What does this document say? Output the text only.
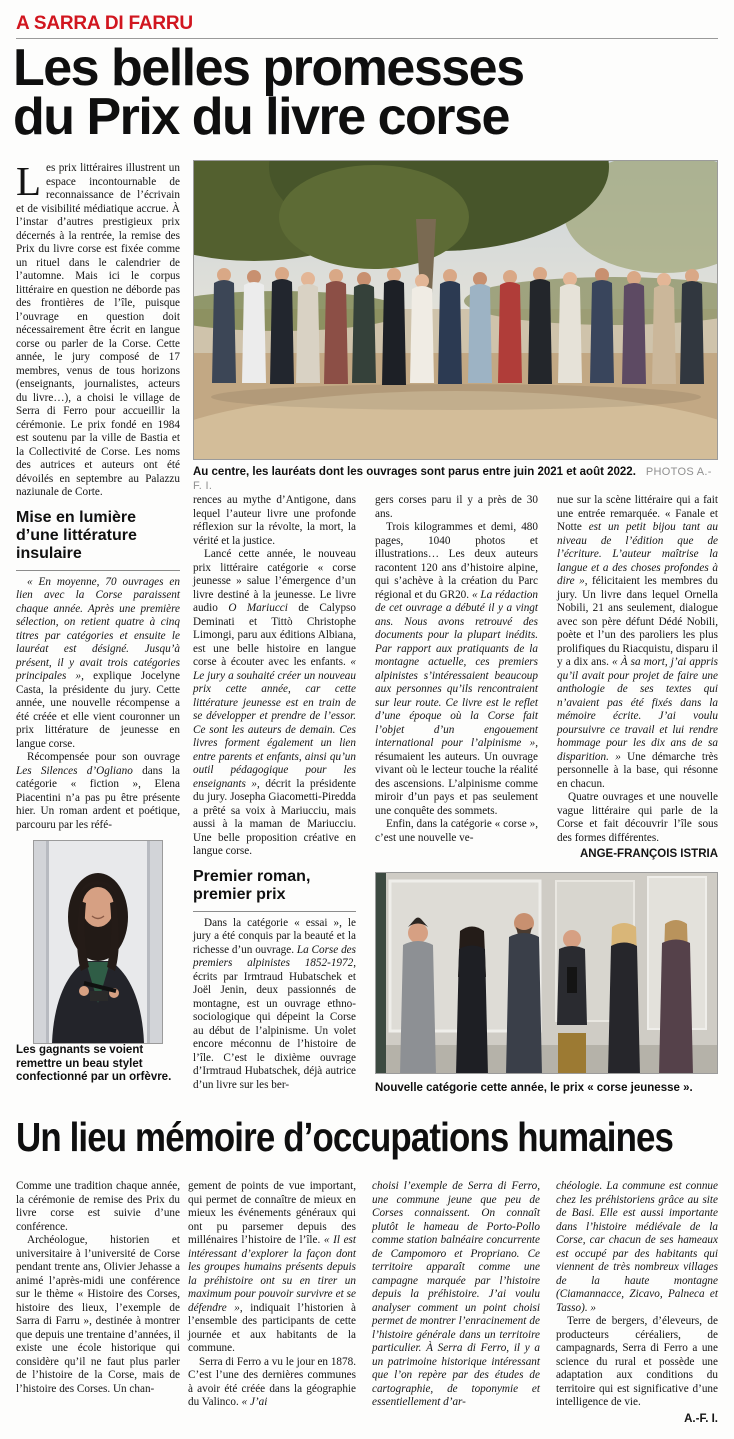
A SARRA DI FARRU
Les belles promesses
du Prix du livre corse
Au centre, les lauréats dont les ouvrages sont parus entre juin 2021 et août 2022. PHOTOS A.-F. I.

Les prix littéraires illustrent un espace incontournable de reconnaissance de l’écrivain et de visibilité médiatique accrue. À l’instar d’autres prestigieux prix décernés à la rentrée, la remise des Prix du livre corse est fixée comme un rituel dans le calendrier de l’automne. Mais ici le corpus littéraire en question ne déborde pas des frontières de l’île, puisque l’ouvrage en question doit nécessairement être écrit en langue corse ou parler de la Corse. Cette année, le jury composé de 17 membres, venus de tous horizons (enseignants, journalistes, acteurs du livre…), a choisi le village de Serra di Ferro pour accueillir la cérémonie. Le prix fondé en 1984 est soutenu par la ville de Bastia et la Collectivité de Corse. Les noms des autrices et auteurs ont été dévoilés en septembre au Palazzu naziunale de Corte.

Mise en lumière d’une littérature insulaire

« En moyenne, 70 ouvrages en lien avec la Corse paraissent chaque année. Après une première sélection, on retient quatre à cinq titres par catégories et ensuite le lauréat est désigné. Jusqu’à présent, il y avait trois catégories principales », explique Jocelyne Casta, la présidente du jury. Cette année, une nouvelle récompense a été créée et elle vient couronner un prix littérature de jeunesse en langue corse.

Récompensée pour son ouvrage Les Silences d’Ogliano dans la catégorie « fiction », Elena Piacentini n’a pas pu être présente hier. Un roman ardent et poétique, parcouru par les réfé-

Les gagnants se voient remettre un beau stylet confectionné par un orfèvre.

rences au mythe d’Antigone, dans lequel l’auteur livre une profonde réflexion sur la révolte, la mort, la vérité et la justice.

Lancé cette année, le nouveau prix littéraire catégorie « corse jeunesse » salue l’émergence d’un livre destiné à la jeunesse. Le livre audio O Mariucci de Calypso Deminati et Tittò Christophe Limongi, paru aux éditions Albiana, est une belle histoire en langue corse à écouter avec les enfants. « Le jury a souhaité créer un nouveau prix cette année, car cette littérature jeunesse est en train de se développer et prendre de l’essor. Ce sont les auteurs de demain. Ces livres forment également un lien entre parents et enfants, ainsi qu’un outil pédagogique pour les enseignants », décrit la présidente du jury. Josepha Giacometti-Piredda a prêté sa voix à Mariucciu, mais aussi à la maman de Mariucciu. Une belle proposition créative en langue corse.

Premier roman, premier prix

Dans la catégorie « essai », le jury a été conquis par la beauté et la richesse d’un ouvrage. La Corse des premiers alpinistes 1852-1972, écrits par Irmtraud Hubatschek et Joël Jenin, deux passionnés de montagne, est un ouvrage ethno-sociologique qui dépeint la Corse au début de l’alpinisme. Un volet encore méconnu de l’histoire de l’île. C’est le dixième ouvrage d’Irmtraud Hubatschek, déjà autrice d’un livre sur les ber-

gers corses paru il y a près de 30 ans.

Trois kilogrammes et demi, 480 pages, 1040 photos et illustrations… Les deux auteurs racontent 120 ans d’histoire alpine, qui s’achève à la création du Parc régional et du GR20. « La rédaction de cet ouvrage a débuté il y a vingt ans. Nous avons retrouvé des documents pour la plupart inédits. Par rapport aux pratiquants de la montagne actuelle, ces premiers alpinistes s’intéressaient beaucoup aux personnes qu’ils rencontraient sur leur route. Ce livre est le reflet d’une époque où la Corse fait l’objet d’un engouement international pour l’alpinisme », résumaient les auteurs. Un ouvrage vivant où le lecteur touche la réalité des ascensions. L’alpinisme comme miroir d’un pays et pas seulement une conquête des sommets.

Enfin, dans la catégorie « corse », c’est une nouvelle ve-

nue sur la scène littéraire qui a fait une entrée remarquée. « Fanale et Notte est un petit bijou tant au niveau de l’édition que de l’écriture. L’auteur maîtrise la langue et a des choses profondes à dire », félicitaient les membres du jury. Un livre dans lequel Ornella Nobili, 21 ans seulement, dialogue avec son père défunt Dédé Nobili, poète et l’un des paroliers les plus prolifiques du Riacquistu, disparu il y a dix ans. « À sa mort, j’ai appris qu’il avait pour projet de faire une anthologie de ses textes qui n’avaient pas été fixés dans la mémoire écrite. J’ai voulu poursuivre ce travail et lui rendre hommage pour les dix ans de sa disparition. » Une démarche très personnelle à la base, qui résonne en chacun.

Quatre ouvrages et une nouvelle vague littéraire qui parle de la Corse et fait découvrir l’île sous des formes différentes.

ANGE-FRANÇOIS ISTRIA
Nouvelle catégorie cette année, le prix « corse jeunesse ».
Un lieu mémoire d’occupations humaines

Comme une tradition chaque année, la cérémonie de remise des Prix du livre corse est suivie d’une conférence.

Archéologue, historien et universitaire à l’université de Corse pendant trente ans, Olivier Jehasse a animé l’après-midi une conférence sur le thème « Histoire des Corses, histoire des lieux, l’exemple de Sarra di Farru », destinée à montrer que depuis une trentaine d’années, il existe une école historique qui considère qu’il ne faut plus parler de l’histoire de la Corse, mais de l’histoire des Corses. Un chan-

gement de points de vue important, qui permet de connaître de mieux en mieux les événements généraux qui ont pu parsemer depuis des millénaires l’histoire de l’île. « Il est intéressant d’explorer la façon dont les groupes humains présents depuis la préhistoire ont su en tirer un maximum pour pouvoir survivre et se défendre », indiquait l’historien à l’ensemble des participants de cette journée et aux habitants de la commune.

Serra di Ferro a vu le jour en 1878. C’est l’une des dernières communes à avoir été créée dans la géographie du Valinco. « J’ai

choisi l’exemple de Serra di Ferro, une commune jeune que peu de Corses connaissent. On connaît plutôt le hameau de Porto-Pollo comme station balnéaire concurrente de Campomoro et Propriano. Ce territoire apparaît comme une campagne marquée par l’histoire depuis la préhistoire. J’ai voulu analyser comment un point choisi permet de montrer l’enracinement de l’histoire générale dans un territoire particulier. À Serra di Ferro, il y a un patrimoine historique intéressant que l’on repère par des études de cartographie, de toponymie et essentiellement d’ar-

chéologie. La commune est connue chez les préhistoriens grâce au site de Basi. Elle est aussi importante dans l’histoire médiévale de la Corse, car chacun de ses hameaux est occupé par des habitants qui viennent de très nombreux villages de la haute montagne (Ciamannacce, Zicavo, Palneca et Tasso). »

Terre de bergers, d’éleveurs, de producteurs céréaliers, de campagnards, Serra di Ferro a une science du rural et possède une adaptation aux conditions du territoire qui est significative d’une intelligence de vie.

A.-F. I.
